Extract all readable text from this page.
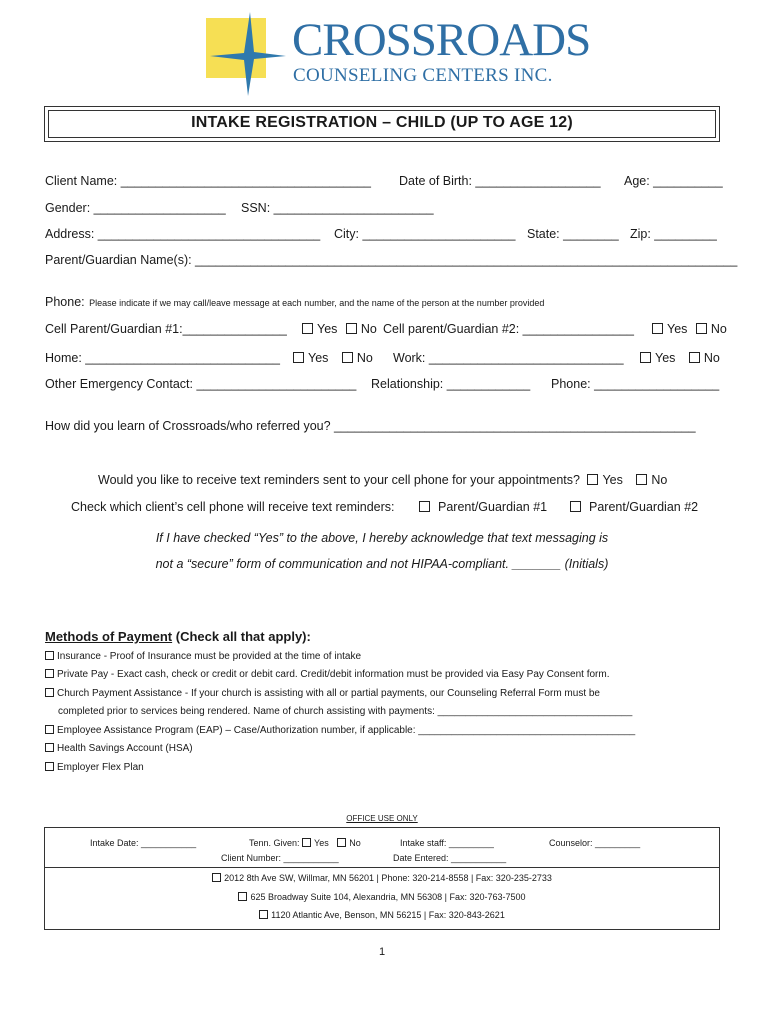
CROSSROADS
COUNSELING CENTERS INC.
INTAKE REGISTRATION – CHILD (UP TO AGE 12)
Client Name: ____________________________________ Date of Birth: __________________ Age: __________
Gender: ___________________ SSN: _______________________
Address: ________________________________ City: ______________________ State: ________ Zip: _________
Parent/Guardian Name(s): ______________________________________________________________________________
Phone: Please indicate if we may call/leave message at each number, and the name of the person at the number provided
Cell Parent/Guardian #1:_______________	Yes No Cell parent/Guardian #2: ________________	Yes No
Home: ____________________________	Yes No Work: ____________________________	Yes No
Other Emergency Contact: _______________________ Relationship: ____________ Phone: __________________
How did you learn of Crossroads/who referred you? ____________________________________________________
Would you like to receive text reminders sent to your cell phone for your appointments? Yes No
Check which client’s cell phone will receive text reminders:	Parent/Guardian #1	Parent/Guardian #2
If I have checked “Yes” to the above, I hereby acknowledge that text messaging is
not a “secure” form of communication and not HIPAA-compliant. _______ (Initials)
Methods of Payment (Check all that apply):
Insurance - Proof of Insurance must be provided at the time of intake
Private Pay - Exact cash, check or credit or debit card. Credit/debit information must be provided via Easy Pay Consent form.
Church Payment Assistance - If your church is assisting with all or partial payments, our Counseling Referral Form must be
completed prior to services being rendered. Name of church assisting with payments: ___________________________________
Employee Assistance Program (EAP) – Case/Authorization number, if applicable: _______________________________________
Health Savings Account (HSA)
Employer Flex Plan
OFFICE USE ONLY
Intake Date: ___________	Tenn. Given: Yes No	Intake staff: _________	Counselor: _________
Client Number: ___________	Date Entered: ___________
2012 8th Ave SW, Willmar, MN 56201 | Phone: 320-214-8558 | Fax: 320-235-2733
625 Broadway Suite 104, Alexandria, MN 56308 | Fax: 320-763-7500
1120 Atlantic Ave, Benson, MN 56215 | Fax: 320-843-2621
1
